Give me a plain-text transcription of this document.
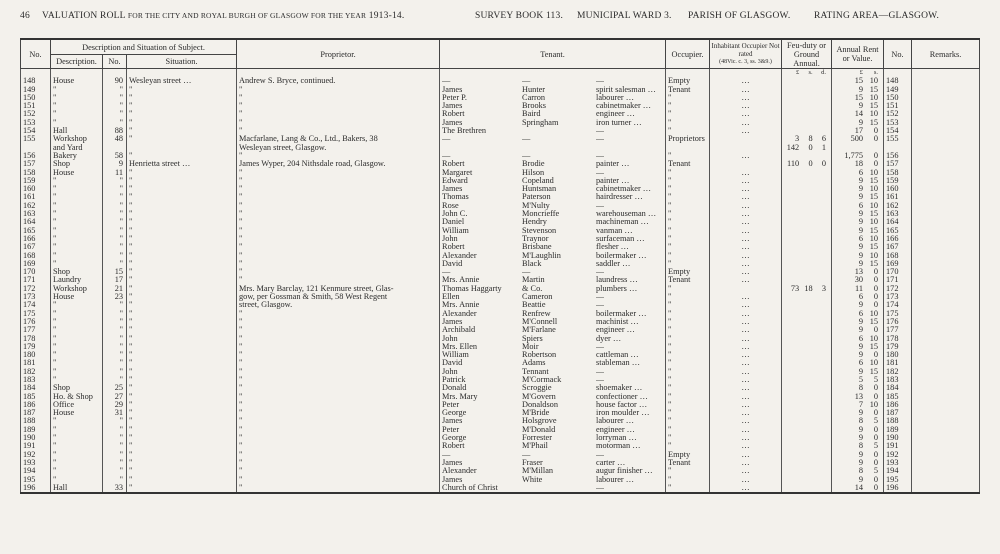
46 VALUATION ROLL FOR THE CITY AND ROYAL BURGH OF GLASGOW FOR THE YEAR 1913-14.	SURVEY BOOK 113. MUNICIPAL WARD 3. PARISH OF GLASGOW. RATING AREA—GLASGOW.
No.	Description and Situation of Subject.			Proprietor.	Tenant.	Occupier.	Inhabitant Occupier Not rated
(48Vic. c. 3, ss. 3&9.)	Feu-duty or Ground Annual.	Annual Rent or Value.	No.	Remarks.
	Description.	No.	Situation.								

								£ s. d.	£ s.		

148	House	90	Wesleyan street …	Andrew S. Bryce, continued.	— — —	Empty	…		15 10	148	
149	"	"	"	"	James Hunter spirit salesman …	Tenant	…		9 15	149	
150	"	"	"	"	Peter P. Carron labourer …	"	…		15 10	150	
151	"	"	"	"	James Brooks cabinetmaker …	"	…		9 15	151	
152	"	"	"	"	Robert Baird engineer …	"	…		14 10	152	
153	"	"	"	"	James Springham iron turner …	"	…		9 15	153	
154	Hall	88	"	"	The Brethren —	"	…		17 0	154	
155	Workshop	48	"	Macfarlane, Lang & Co., Ltd., Bakers, 38	— — —	Proprietors		3 8 6	500 0	155	
	and Yard			Wesleyan street, Glasgow.				142 0 1			

156	Bakery	58	"	"	— — —	"	…		1,775 0	156	
157	Shop	9	Henrietta street …	James Wyper, 204 Nithsdale road, Glasgow.	Robert Brodie painter …	Tenant		110 0 0	18 0	157	
158	House	11	"	"	Margaret Hilson —	"	…		6 10	158	
159	"	"	"	"	Edward Copeland painter …	"	…		9 15	159	
160	"	"	"	"	James Huntsman cabinetmaker …	"	…		9 10	160	
161	"	"	"	"	Thomas Paterson hairdresser …	"	…		9 15	161	
162	"	"	"	"	Rose M'Nulty —	"	…		6 10	162	
163	"	"	"	"	John C. Moncrieffe warehouseman …	"	…		9 15	163	
164	"	"	"	"	Daniel Hendry machineman …	"	…		9 10	164	
165	"	"	"	"	William Stevenson vanman …	"	…		9 15	165	
166	"	"	"	"	John Traynor surfaceman …	"	…		6 10	166	
167	"	"	"	"	Robert Brisbane flesher …	"	…		9 15	167	
168	"	"	"	"	Alexander M'Laughlin boilermaker …	"	…		9 10	168	
169	"	"	"	"	David Black saddler …	"	…		9 15	169	
170	Shop	15	"	"	— — —	Empty	…		13 0	170	
171	Laundry	17	"	"	Mrs. Annie Martin laundress …	Tenant	…		30 0	171	
172	Workshop	21	"	Mrs. Mary Barclay, 121 Kenmure street, Glas-	Thomas Haggarty & Co. plumbers …	"		73 18 3	11 0	172	
173	House	23	"	gow, per Gossman & Smith, 58 West Regent	Ellen Cameron —	"	…		6 0	173	
174	"	"	"	street, Glasgow.	Mrs. Annie Beattie —	"	…		9 0	174	
175	"	"	"	"	Alexander Renfrew boilermaker …	"	…		6 10	175	
176	"	"	"	"	James M'Connell machinist …	"	…		9 15	176	
177	"	"	"	"	Archibald M'Farlane engineer …	"	…		9 0	177	
178	"	"	"	"	John Spiers dyer …	"	…		6 10	178	
179	"	"	"	"	Mrs. Ellen Moir —	"	…		9 15	179	
180	"	"	"	"	William Robertson cattleman …	"	…		9 0	180	
181	"	"	"	"	David Adams stableman …	"	…		6 10	181	
182	"	"	"	"	John Tennant —	"	…		9 15	182	
183	"	"	"	"	Patrick M'Cormack —	"	…		5 5	183	
184	Shop	25	"	"	Donald Scroggie shoemaker …	"	…		8 0	184	
185	Ho. & Shop	27	"	"	Mrs. Mary M'Govern confectioner …	"	…		13 0	185	
186	Office	29	"	"	Peter Donaldson house factor …	"	…		7 10	186	
187	House	31	"	"	George M'Bride iron moulder …	"	…		9 0	187	
188	"	"	"	"	James Holsgrove labourer …	"	…		8 5	188	
189	"	"	"	"	Peter M'Donald engineer …	"	…		9 0	189	
190	"	"	"	"	George Forrester lorryman …	"	…		9 0	190	
191	"	"	"	"	Robert M'Phail motorman …	"	…		8 5	191	
192	"	"	"	"	— — —	Empty	…		9 0	192	
193	"	"	"	"	James Fraser carter …	Tenant	…		9 0	193	
194	"	"	"	"	Alexander M'Millan augur finisher …	"	…		8 5	194	
195	"	"	"	"	James White labourer …	"	…		9 0	195	
196	Hall	33	"	"	Church of Christ —	"	…		14 0	196	
